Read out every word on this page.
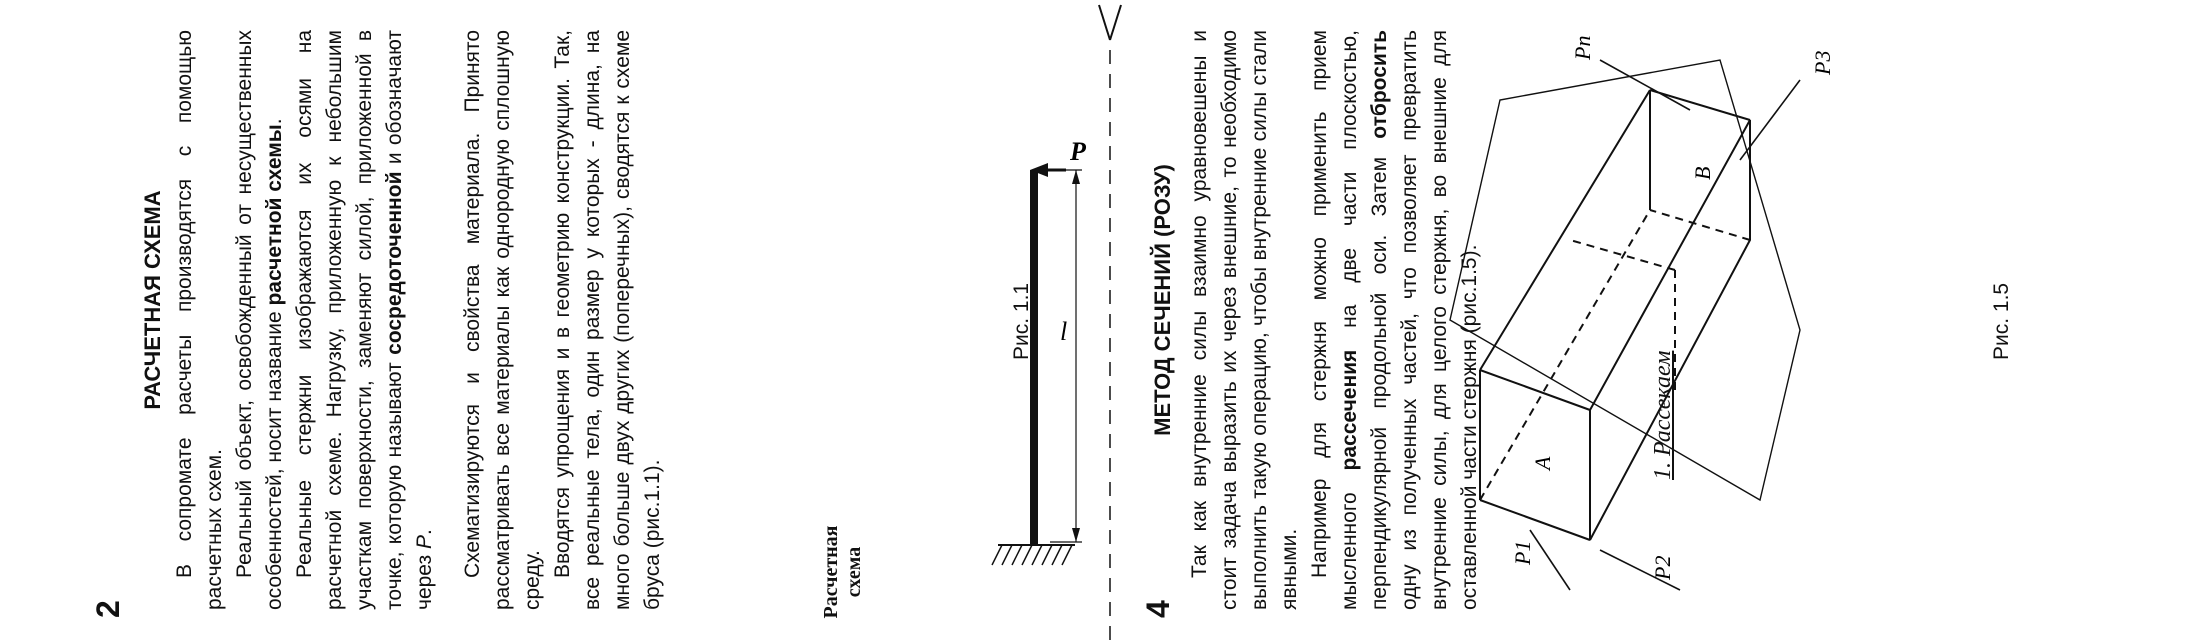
2
РАСЧЕТНАЯ СХЕМА В сопромате расчеты производятся с помощью расчетных схем. Реальный объект, освобожденный от несущественных особенностей, носит название расчетной схемы. Реальные стержни изображаются их осями на расчетной схеме. Нагрузку, приложенную к небольшим участкам поверхности, заменяют силой, приложенной в точке, которую называют сосредоточенной и обозначают через P. Схематизируются и свойства материала. Принято рассматривать все материалы как однородную сплошную среду.

Вводятся упрощения и в геометрию конструкции. Так, все реальные тела, один размер у которых - длина, на много больше двух других (поперечных), сводятся к схеме бруса (рис.1.1).

P
l
Расчетная схема
Рис. 1.1
4
МЕТОД СЕЧЕНИЙ (РОЗУ) Так как внутренние силы взаимно уравновешены и стоит задача выразить их через внешние, то необходимо выполнить такую операцию, чтобы внутренние силы стали явными. Например для стержня можно применить прием мысленного рассечения на две части плоскостью, перпендикулярной продольной оси. Затем отбросить одну из полученных частей, что позволяет превратить внутренние силы, для целого стержня, во внешние для оставленной части стержня (рис.1.5). P1
P2
P3
Pn
A
B
1. Рассекаем
Рис. 1.5
